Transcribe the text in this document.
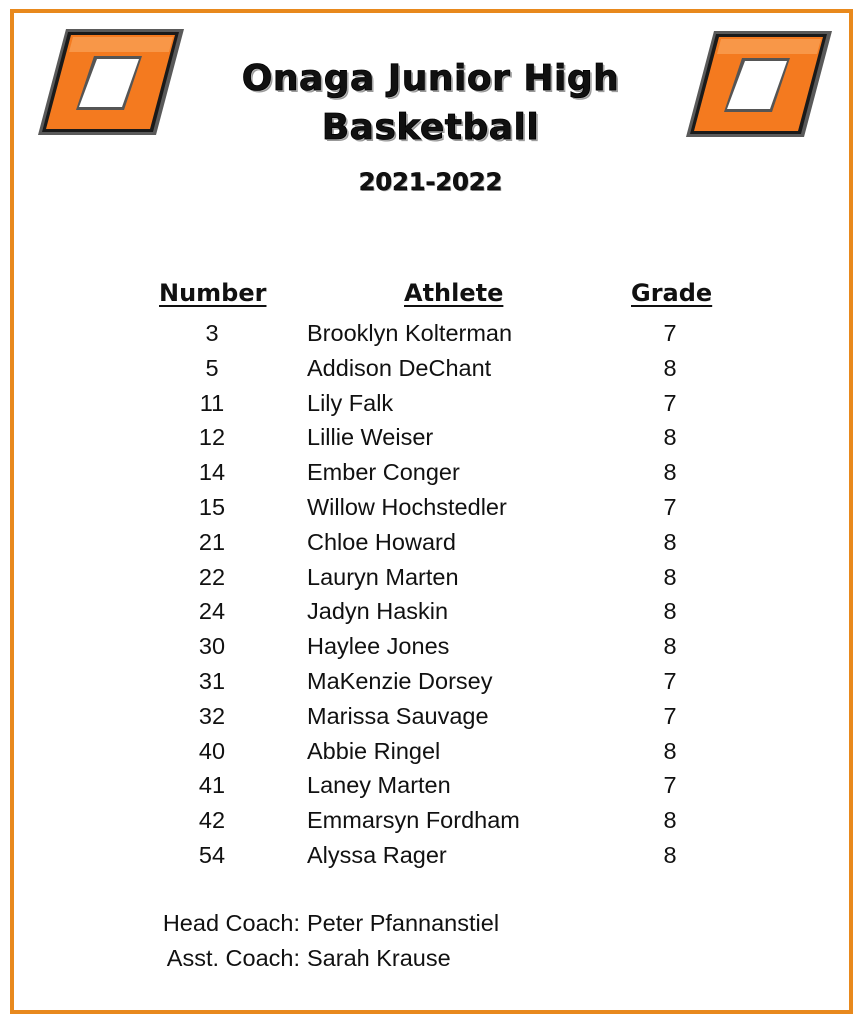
Onaga Junior High
Basketball
2021-2022
Number	Athlete	Grade
3	Brooklyn Kolterman	7
5	Addison DeChant	8
11	Lily Falk	7
12	Lillie Weiser	8
14	Ember Conger	8
15	Willow Hochstedler	7
21	Chloe Howard	8
22	Lauryn Marten	8
24	Jadyn Haskin	8
30	Haylee Jones	8
31	MaKenzie Dorsey	7
32	Marissa Sauvage	7
40	Abbie Ringel	8
41	Laney Marten	7
42	Emmarsyn Fordham	8
54	Alyssa Rager	8
Head Coach: Peter Pfannanstiel
Asst. Coach: Sarah Krause
